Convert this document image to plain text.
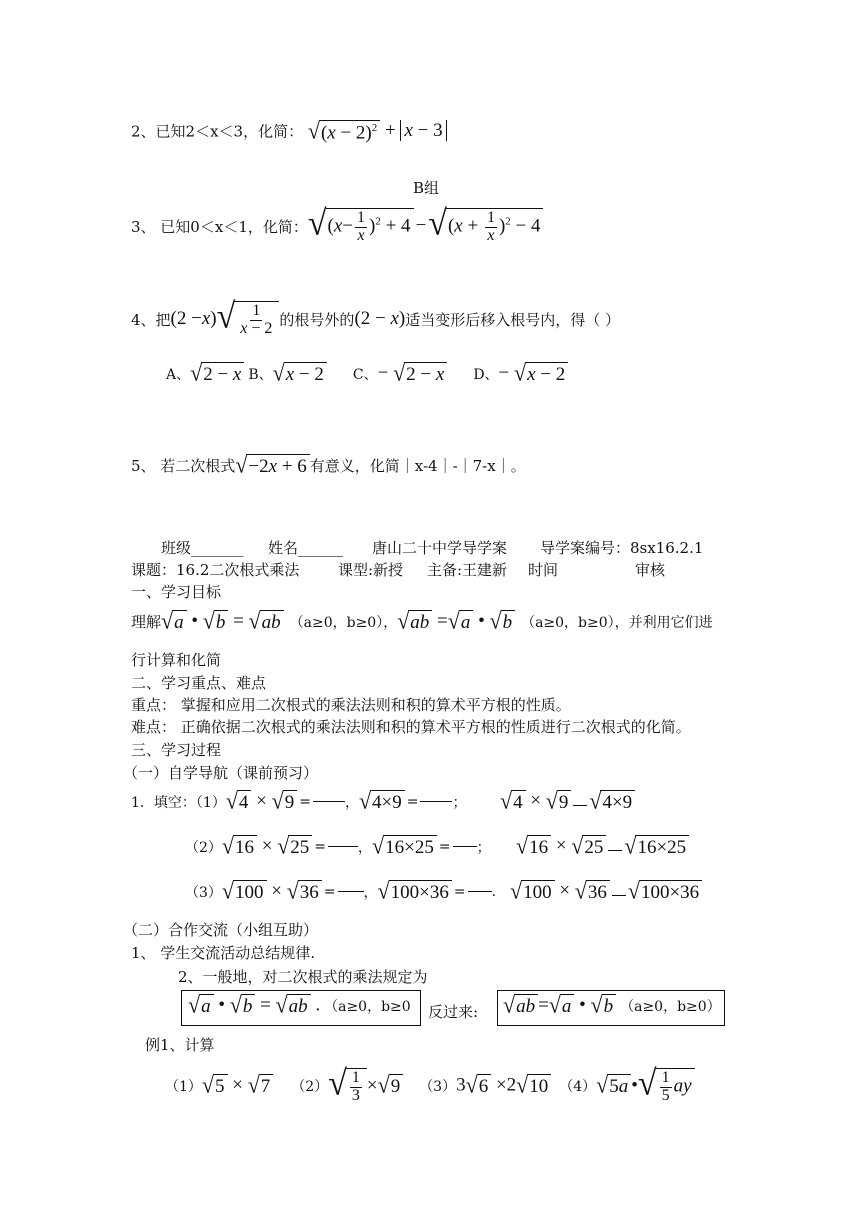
2、已知2＜x＜3，化简： √ $(x - 2)^2 + x - 3$
B组
3、 已知0＜x＜1，化简： √ $(x- \frac{1}{x} )^2 + 4$ − √ $(x + \frac{1}{x} )^2 - 4$
4、把 (2 − x ) √ $\frac{1}{x - 2}$ 的根号外的 (2 − x) 适当变形后移入根号内，得（ ）
A、 √ 2 − x B、 √ x − 2 C、 − √ 2 − x D、 − √ x − 2
5、 若二次根式 √ −2x + 6 有意义，化简｜x-4｜-｜7-x｜。
班级_______ 姓名______ 唐山二十中学导学案 导学案编号：8sx16.2.1
课题：16.2二次根式乘法	课型:新授 主备:王建新 时间	审核
一、学习目标
理解 √ a • √ b = √ ab （a≥0，b≥0）， √ ab = √ a • √ b （a≥0，b≥0），并利用它们进
行计算和化简
二、学习重点、难点
重点： 掌握和应用二次根式的乘法法则和积的算术平方根的性质。
难点： 正确依据二次根式的乘法法则和积的算术平方根的性质进行二次根式的化简。
三、学习过程
（一）自学导航（课前预习）
1．填空：（1） √ 4 × √ 9 = ， √ 4×9 = ； √ 4 × √ 9 √ 4×9
（2） √ 16 × √ 25 = ， √ 16×25 = ； √ 16 × √ 25 √ 16×25
（3） √ 100 × √ 36 = ， √ 100×36 = . √ 100 × √ 36 √ 100×36
（二）合作交流（小组互助）
1、 学生交流活动总结规律.
2、一般地，对二次根式的乘法规定为
√ a • √ b = √ ab . （a≥0，b≥0 反过来: √ ab = √ a • √ b （a≥0，b≥0）
例1、计算
（1） √ 5 × √ 7 （2） √ $\frac{1}{3}$ × √ 9 （3） 3 √ 6 ×2 √ 10 （4） √ 5a • √ $\frac{1}{5}$ ay
